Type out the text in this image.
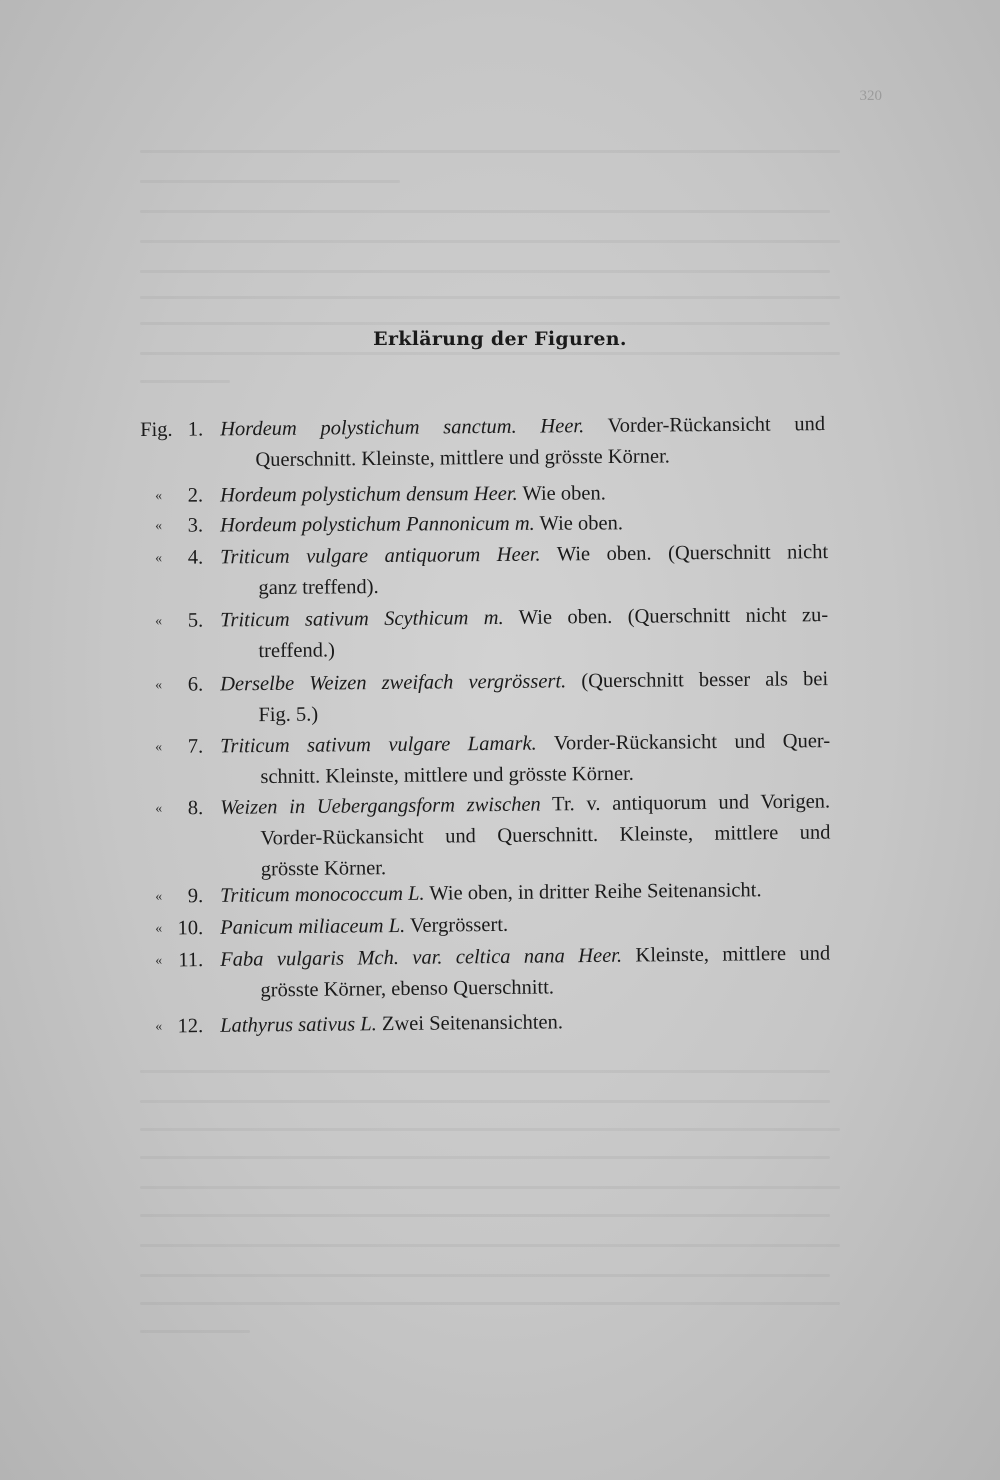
320
Erklärung der Figuren.
Fig. 1. Hordeum polystichum sanctum. Heer. Vorder-Rückansicht und
Querschnitt. Kleinste, mittlere und grösste Körner.
«	2. Hordeum polystichum densum Heer. Wie oben.
«	3. Hordeum polystichum Pannonicum m. Wie oben.
«	4. Triticum vulgare antiquorum Heer. Wie oben. (Querschnitt nicht
ganz treffend).
«	5. Triticum sativum Scythicum m. Wie oben. (Querschnitt nicht zu-
treffend.)
«	6. Derselbe Weizen zweifach vergrössert. (Querschnitt besser als bei
Fig. 5.)
«	7. Triticum sativum vulgare Lamark. Vorder-Rückansicht und Quer-
schnitt. Kleinste, mittlere und grösste Körner.
«	8. Weizen in Uebergangsform zwischen Tr. v. antiquorum und Vorigen.
Vorder-Rückansicht und Querschnitt. Kleinste, mittlere und
grösste Körner.
«	9. Triticum monococcum L. Wie oben, in dritter Reihe Seitenansicht.
« 10. Panicum miliaceum L. Vergrössert.
« 11. Faba vulgaris Mch. var. celtica nana Heer. Kleinste, mittlere und
grösste Körner, ebenso Querschnitt.
« 12. Lathyrus sativus L. Zwei Seitenansichten.
